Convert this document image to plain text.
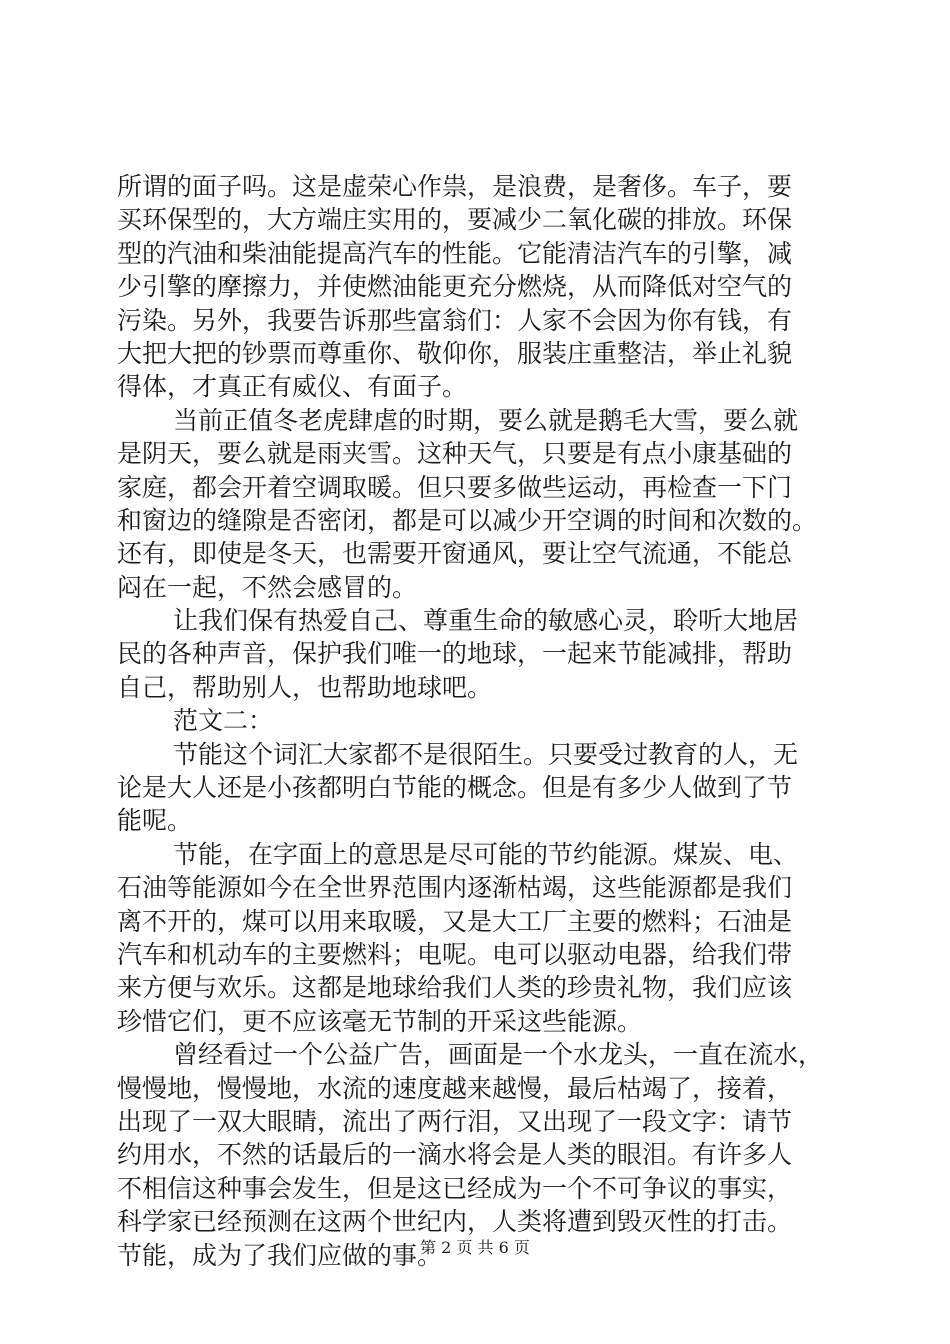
所谓的面子吗。这是虚荣心作祟，是浪费，是奢侈。车子，要
买环保型的，大方端庄实用的，要减少二氧化碳的排放。环保
型的汽油和柴油能提高汽车的性能。它能清洁汽车的引擎，减
少引擎的摩擦力，并使燃油能更充分燃烧，从而降低对空气的
污染。另外，我要告诉那些富翁们：人家不会因为你有钱，有
大把大把的钞票而尊重你、敬仰你，服装庄重整洁，举止礼貌
得体，才真正有威仪、有面子。
当前正值冬老虎肆虐的时期，要么就是鹅毛大雪，要么就
是阴天，要么就是雨夹雪。这种天气，只要是有点小康基础的
家庭，都会开着空调取暖。但只要多做些运动，再检查一下门
和窗边的缝隙是否密闭，都是可以减少开空调的时间和次数的。
还有，即使是冬天，也需要开窗通风，要让空气流通，不能总
闷在一起，不然会感冒的。
让我们保有热爱自己、尊重生命的敏感心灵，聆听大地居
民的各种声音，保护我们唯一的地球，一起来节能减排，帮助
自己，帮助别人，也帮助地球吧。
范文二：
节能这个词汇大家都不是很陌生。只要受过教育的人，无
论是大人还是小孩都明白节能的概念。但是有多少人做到了节
能呢。
节能，在字面上的意思是尽可能的节约能源。煤炭、电、
石油等能源如今在全世界范围内逐渐枯竭，这些能源都是我们
离不开的，煤可以用来取暖，又是大工厂主要的燃料；石油是
汽车和机动车的主要燃料；电呢。电可以驱动电器，给我们带
来方便与欢乐。这都是地球给我们人类的珍贵礼物，我们应该
珍惜它们，更不应该毫无节制的开采这些能源。
曾经看过一个公益广告，画面是一个水龙头，一直在流水，
慢慢地，慢慢地，水流的速度越来越慢，最后枯竭了，接着，
出现了一双大眼睛，流出了两行泪，又出现了一段文字：请节
约用水，不然的话最后的一滴水将会是人类的眼泪。有许多人
不相信这种事会发生，但是这已经成为一个不可争议的事实，
科学家已经预测在这两个世纪内，人类将遭到毁灭性的打击。
节能，成为了我们应做的事。
第 2 页 共 6 页
